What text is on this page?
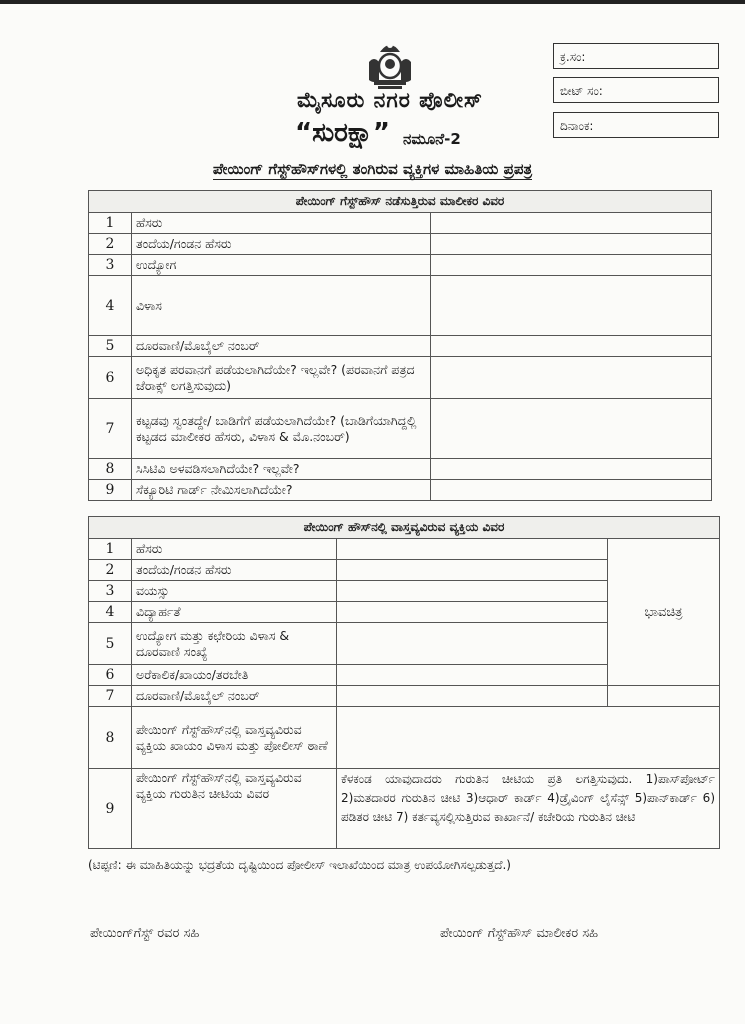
ಮೈಸೂರು ನಗರ ಪೊಲೀಸ್
“ಸುರಕ್ಷಾ” ನಮೂನೆ-2
ಕ್ರ.ಸಂ:
ಬೀಟ್ ಸಂ:
ದಿನಾಂಕ:
ಪೇಯಿಂಗ್ ಗೆಸ್ಟ್‌ಹೌಸ್‌ಗಳಲ್ಲಿ ತಂಗಿರುವ ವ್ಯಕ್ತಿಗಳ ಮಾಹಿತಿಯ ಪ್ರಪತ್ರ
ಪೇಯಿಂಗ್ ಗೆಸ್ಟ್‌ಹೌಸ್ ನಡೆಸುತ್ತಿರುವ ಮಾಲೀಕರ ವಿವರ		
1	ಹೆಸರು	
2	ತಂದೆಯ/ಗಂಡನ ಹೆಸರು	
3	ಉದ್ಯೋಗ	
4	ವಿಳಾಸ	
5	ದೂರವಾಣಿ/ಮೊಬೈಲ್ ನಂಬರ್	
6	ಅಧಿಕೃತ ಪರವಾನಗೆ ಪಡೆಯಲಾಗಿದೆಯೇ? ಇಲ್ಲವೇ? (ಪರವಾನಗೆ ಪತ್ರದ ಜೆರಾಕ್ಸ್ ಲಗತ್ತಿಸುವುದು)	
7	ಕಟ್ಟಡವು ಸ್ವಂತದ್ದೇ/ ಬಾಡಿಗೆಗೆ ಪಡೆಯಲಾಗಿದೆಯೇ? (ಬಾಡಿಗೆಯಾಗಿದ್ದಲ್ಲಿ ಕಟ್ಟಡದ ಮಾಲೀಕರ ಹೆಸರು, ವಿಳಾಸ & ಮೊ.ನಂಬರ್)	
8	ಸಿಸಿಟಿವಿ ಅಳವಡಿಸಲಾಗಿದೆಯೇ? ಇಲ್ಲವೇ?	
9	ಸೆಕ್ಯೂರಿಟಿ ಗಾರ್ಡ್ ನೇಮಿಸಲಾಗಿದೆಯೇ?	
ಪೇಯಿಂಗ್ ಹೌಸ್‌ನಲ್ಲಿ ವಾಸ್ತವ್ಯವಿರುವ ವ್ಯಕ್ತಿಯ ವಿವರ			
1	ಹೆಸರು		ಭಾವಚಿತ್ರ
2	ತಂದೆಯ/ಗಂಡನ ಹೆಸರು		
3	ವಯಸ್ಸು		
4	ವಿದ್ಯಾರ್ಹತೆ		
5	ಉದ್ಯೋಗ ಮತ್ತು ಕಛೇರಿಯ ವಿಳಾಸ & ದೂರವಾಣಿ ಸಂಖ್ಯೆ		
6	ಅರೆಕಾಲಿಕ/ಖಾಯಂ/ತರಬೇತಿ		
7	ದೂರವಾಣಿ/ಮೊಬೈಲ್ ನಂಬರ್		
8	ಪೇಯಿಂಗ್ ಗೆಸ್ಟ್‌ಹೌಸ್‌ನಲ್ಲಿ ವಾಸ್ತವ್ಯವಿರುವ ವ್ಯಕ್ತಿಯ ಖಾಯಂ ವಿಳಾಸ ಮತ್ತು ಪೋಲೀಸ್ ಠಾಣೆ		
9	ಪೇಯಿಂಗ್ ಗೆಸ್ಟ್‌ಹೌಸ್‌ನಲ್ಲಿ ವಾಸ್ತವ್ಯವಿರುವ ವ್ಯಕ್ತಿಯ ಗುರುತಿನ ಚೀಟಿಯ ವಿವರ	ಕೆಳಕಂಡ ಯಾವುದಾದರು ಗುರುತಿನ ಚೀಟಿಯ ಪ್ರತಿ ಲಗತ್ತಿಸುವುದು. 1)ಪಾಸ್‌ಪೋರ್ಟ್ 2)ಮತದಾರರ ಗುರುತಿನ ಚೀಟಿ 3)ಆಧಾರ್ ಕಾರ್ಡ್ 4)ಡ್ರೈವಿಂಗ್ ಲೈಸೆನ್ಸ್ 5)ಪಾನ್‌ಕಾರ್ಡ್ 6) ಪಡಿತರ ಚೀಟಿ 7) ಕರ್ತವ್ಯಸಲ್ಲಿಸುತ್ತಿರುವ ಕಾರ್ಖಾನೆ/ ಕಚೇರಿಯ ಗುರುತಿನ ಚೀಟಿ	
(ಟಿಪ್ಪಣಿ: ಈ ಮಾಹಿತಿಯನ್ನು ಭದ್ರತೆಯ ದೃಷ್ಟಿಯಿಂದ ಪೋಲೀಸ್ ಇಲಾಖೆಯಿಂದ ಮಾತ್ರ ಉಪಯೋಗಿಸಲ್ಪಡುತ್ತದೆ.)
ಪೇಯಿಂಗ್‌ಗೆಸ್ಟ್ ರವರ ಸಹಿ	ಪೇಯಿಂಗ್ ಗೆಸ್ಟ್‌ಹೌಸ್ ಮಾಲೀಕರ ಸಹಿ
